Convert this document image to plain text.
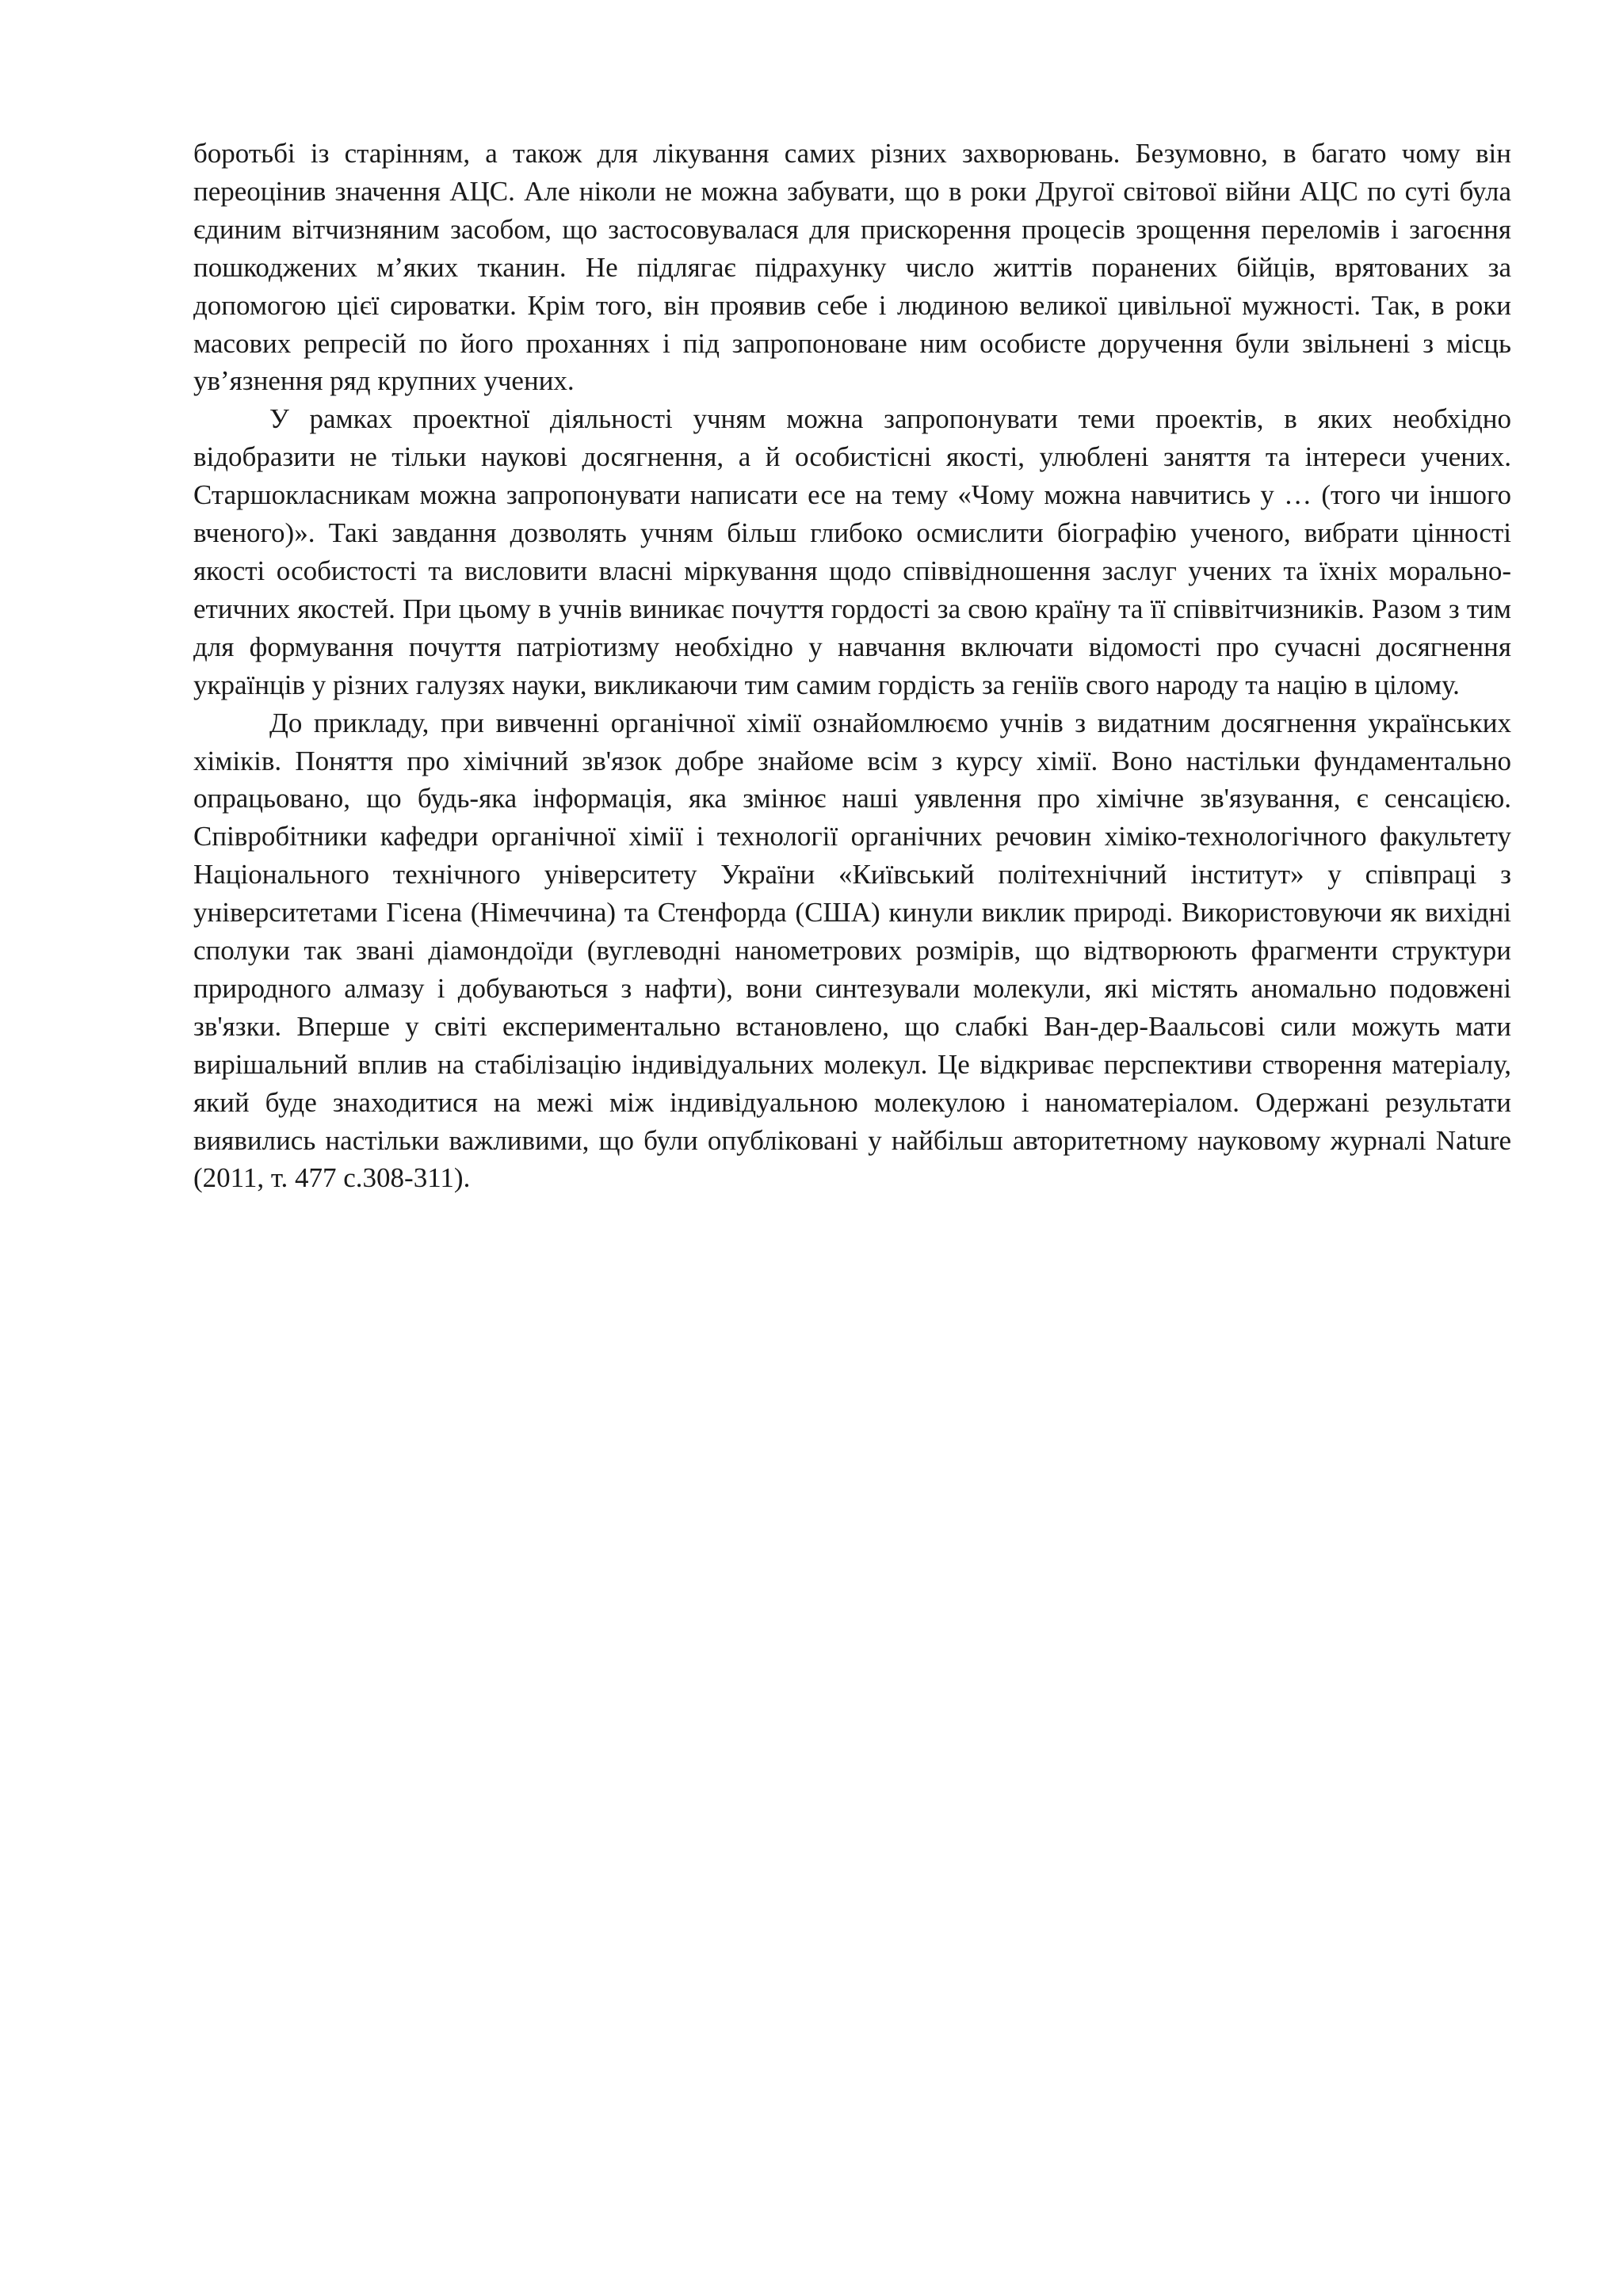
боротьбі із старінням, а також для лікування самих різних захворювань. Безумовно, в багато чому він переоцінив значення АЦС. Але ніколи не можна забувати, що в роки Другої світової війни АЦС по суті була єдиним вітчизняним засобом, що застосовувалася для прискорення процесів зрощення переломів і загоєння пошкоджених м’яких тканин. Не підлягає підрахунку число життів поранених бійців, врятованих за допомогою цієї сироватки. Крім того, він проявив себе і людиною великої цивільної мужності. Так, в роки масових репресій по його проханнях і під запропоноване ним особисте доручення були звільнені з місць ув’язнення ряд крупних учених.

У рамках проектної діяльності учням можна запропонувати теми проектів, в яких необхідно відобразити не тільки наукові досягнення, а й особистісні якості, улюблені заняття та інтереси учених. Старшокласникам можна запропонувати написати есе на тему «Чому можна навчитись у … (того чи іншого вченого)». Такі завдання дозволять учням більш глибоко осмислити біографію ученого, вибрати цінності якості особистості та висловити власні міркування щодо співвідношення заслуг учених та їхніх морально-етичних якостей. При цьому в учнів виникає почуття гордості за свою країну та її співвітчизників. Разом з тим для формування почуття патріотизму необхідно у навчання включати відомості про сучасні досягнення українців у різних галузях науки, викликаючи тим самим гордість за геніїв свого народу та націю в цілому.

До прикладу, при вивченні органічної хімії ознайомлюємо учнів з видатним досягнення українських хіміків. Поняття про хімічний зв'язок добре знайоме всім з курсу хімії. Воно настільки фундаментально опрацьовано, що будь-яка інформація, яка змінює наші уявлення про хімічне зв'язування, є сенсацією. Співробітники кафедри органічної хімії і технології органічних речовин хіміко-технологічного факультету Національного технічного університету України «Київський політехнічний інститут» у співпраці з університетами Гісена (Німеччина) та Стенфорда (США) кинули виклик природі. Використовуючи як вихідні сполуки так звані діамондоїди (вуглеводні нанометрових розмірів, що відтворюють фрагменти структури природного алмазу і добуваються з нафти), вони синтезували молекули, які містять аномально подовжені зв'язки. Вперше у світі експериментально встановлено, що слабкі Ван-дер-Ваальсові сили можуть мати вирішальний вплив на стабілізацію індивідуальних молекул. Це відкриває перспективи створення матеріалу, який буде знаходитися на межі між індивідуальною молекулою і наноматеріалом. Одержані результати виявились настільки важливими, що були опубліковані у найбільш авторитетному науковому журналі Nature (2011, т. 477 с.308-311).
